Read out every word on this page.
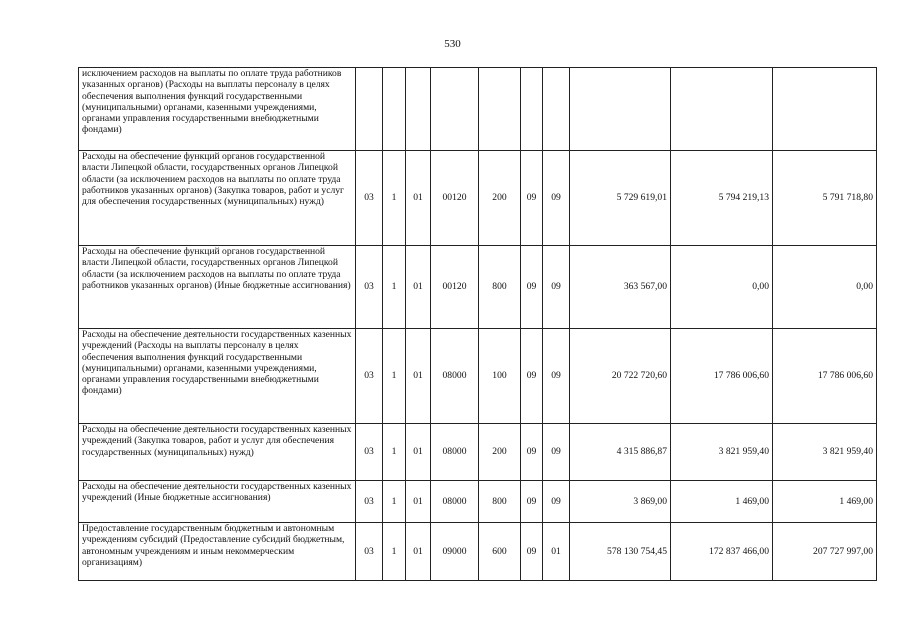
530
исключением расходов на выплаты по оплате труда работников указанных органов) (Расходы на выплаты персоналу в целях обеспечения выполнения функций государственными (муниципальными) органами, казенными учреждениями, органами управления государственными внебюджетными фондами)										
Расходы на обеспечение функций органов государственной власти Липецкой области, государственных органов Липецкой области (за исключением расходов на выплаты по оплате труда работников указанных органов) (Закупка товаров, работ и услуг для обеспечения государственных (муниципальных) нужд)	03	1	01	00120	200	09	09	5 729 619,01	5 794 219,13	5 791 718,80
Расходы на обеспечение функций органов государственной власти Липецкой области, государственных органов Липецкой области (за исключением расходов на выплаты по оплате труда работников указанных органов) (Иные бюджетные ассигнования)	03	1	01	00120	800	09	09	363 567,00	0,00	0,00
Расходы на обеспечение деятельности государственных казенных учреждений (Расходы на выплаты персоналу в целях обеспечения выполнения функций государственными (муниципальными) органами, казенными учреждениями, органами управления государственными внебюджетными фондами)	03	1	01	08000	100	09	09	20 722 720,60	17 786 006,60	17 786 006,60
Расходы на обеспечение деятельности государственных казенных учреждений (Закупка товаров, работ и услуг для обеспечения государственных (муниципальных) нужд)	03	1	01	08000	200	09	09	4 315 886,87	3 821 959,40	3 821 959,40
Расходы на обеспечение деятельности государственных казенных учреждений (Иные бюджетные ассигнования)	03	1	01	08000	800	09	09	3 869,00	1 469,00	1 469,00
Предоставление государственным бюджетным и автономным учреждениям субсидий (Предоставление субсидий бюджетным, автономным учреждениям и иным некоммерческим организациям)	03	1	01	09000	600	09	01	578 130 754,45	172 837 466,00	207 727 997,00
